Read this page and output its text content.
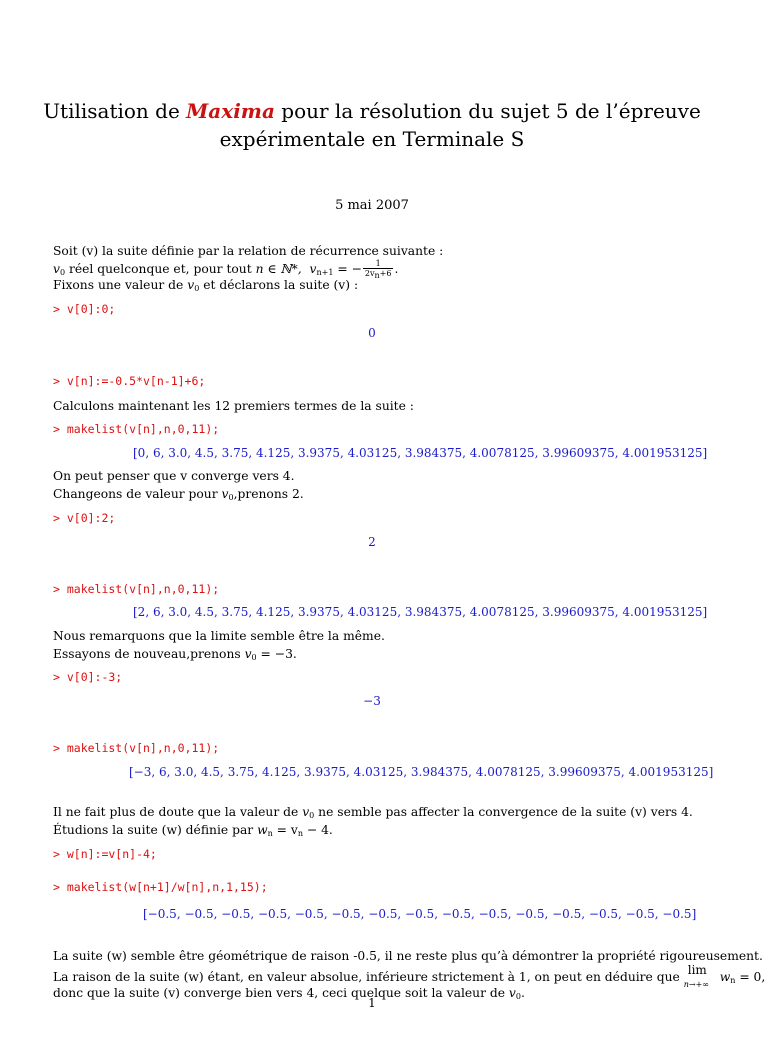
Utilisation de Maxima pour la résolution du sujet 5 de l’épreuve
expérimentale en Terminale S
5 mai 2007
Soit (v) la suite définie par la relation de récurrence suivante :
$v_0$ réel quelconque et, pour tout n ∈ ℕ*, $v_{n+1}$ = − $\frac{1}{2v_n+6}$ .
Fixons une valeur de $v_0$ et déclarons la suite (v) :
> v[0]:0;
0
> v[n]:=-0.5*v[n-1]+6;
Calculons maintenant les 12 premiers termes de la suite :
> makelist(v[n],n,0,11);
[0, 6, 3.0, 4.5, 3.75, 4.125, 3.9375, 4.03125, 3.984375, 4.0078125, 3.99609375, 4.001953125]
On peut penser que v converge vers 4.
Changeons de valeur pour $v_0,prenons$ 2.
> v[0]:2;
2
> makelist(v[n],n,0,11);
[2, 6, 3.0, 4.5, 3.75, 4.125, 3.9375, 4.03125, 3.984375, 4.0078125, 3.99609375, 4.001953125]
Nous remarquons que la limite semble être la même.
Essayons de nouveau,prenons $v_0 = -3$.
> v[0]:-3;
−3
> makelist(v[n],n,0,11);
[−3, 6, 3.0, 4.5, 3.75, 4.125, 3.9375, 4.03125, 3.984375, 4.0078125, 3.99609375, 4.001953125]
Il ne fait plus de doute que la valeur de $v_0$ ne semble pas affecter la convergence de la suite (v) vers 4.
Étudions la suite (w) définie par $w_n = v_n - 4$.
> w[n]:=v[n]-4;
> makelist(w[n+1]/w[n],n,1,15);
[−0.5, −0.5, −0.5, −0.5, −0.5, −0.5, −0.5, −0.5, −0.5, −0.5, −0.5, −0.5, −0.5, −0.5, −0.5]
La suite (w) semble être géométrique de raison -0.5, il ne reste plus qu’à démontrer la propriété rigoureusement.
La raison de la suite (w) étant, en valeur absolue, inférieure strictement à 1, on peut en déduire que lim
n→+∞
$w_n = 0$,
donc que la suite (v) converge bien vers 4, ceci quelque soit la valeur de $v_0$.
1
